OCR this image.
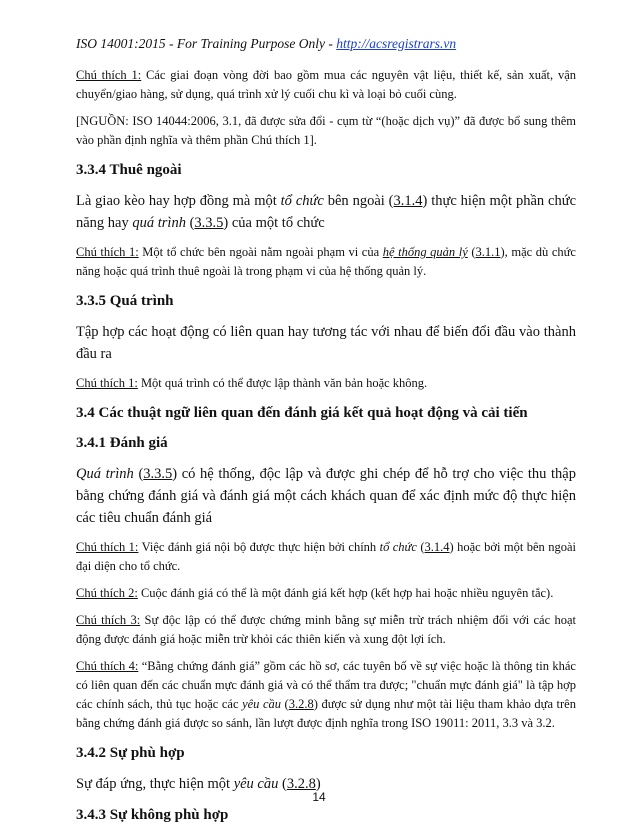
ISO 14001:2015 - For Training Purpose Only - http://acsregistrars.vn

Chú thích 1: Các giai đoạn vòng đời bao gồm mua các nguyên vật liệu, thiết kế, sản xuất, vận chuyển/giao hàng, sử dụng, quá trình xử lý cuối chu kì và loại bỏ cuối cùng.

[NGUỒN: ISO 14044:2006, 3.1, đã được sửa đổi - cụm từ “(hoặc dịch vụ)” đã được bổ sung thêm vào phần định nghĩa và thêm phần Chú thích 1].

3.3.4 Thuê ngoài

Là giao kèo hay hợp đồng mà một tổ chức bên ngoài (3.1.4) thực hiện một phần chức năng hay quá trình (3.3.5) của một tổ chức

Chú thích 1: Một tổ chức bên ngoài nằm ngoài phạm vi của hệ thống quản lý (3.1.1), mặc dù chức năng hoặc quá trình thuê ngoài là trong phạm vi của hệ thống quản lý.

3.3.5 Quá trình

Tập hợp các hoạt động có liên quan hay tương tác với nhau để biến đổi đầu vào thành đầu ra

Chú thích 1: Một quá trình có thể được lập thành văn bản hoặc không.

3.4 Các thuật ngữ liên quan đến đánh giá kết quả hoạt động và cải tiến
3.4.1 Đánh giá

Quá trình (3.3.5) có hệ thống, độc lập và được ghi chép để hỗ trợ cho việc thu thập bằng chứng đánh giá và đánh giá một cách khách quan để xác định mức độ thực hiện các tiêu chuẩn đánh giá

Chú thích 1: Việc đánh giá nội bộ được thực hiện bởi chính tổ chức (3.1.4) hoặc bởi một bên ngoài đại diện cho tổ chức.

Chú thích 2: Cuộc đánh giá có thể là một đánh giá kết hợp (kết hợp hai hoặc nhiều nguyên tắc).

Chú thích 3: Sự độc lập có thể được chứng minh bằng sự miễn trừ trách nhiệm đối với các hoạt động được đánh giá hoặc miễn trừ khỏi các thiên kiến và xung đột lợi ích.

Chú thích 4: “Bằng chứng đánh giá” gồm các hồ sơ, các tuyên bố về sự việc hoặc là thông tin khác có liên quan đến các chuẩn mực đánh giá và có thể thẩm tra được; "chuẩn mực đánh giá" là tập hợp các chính sách, thủ tục hoặc các yêu cầu (3.2.8) được sử dụng như một tài liệu tham khảo dựa trên bằng chứng đánh giá được so sánh, lần lượt được định nghĩa trong ISO 19011: 2011, 3.3 và 3.2.

3.4.2 Sự phù hợp

Sự đáp ứng, thực hiện một yêu cầu (3.2.8)

3.4.3 Sự không phù hợp
14
